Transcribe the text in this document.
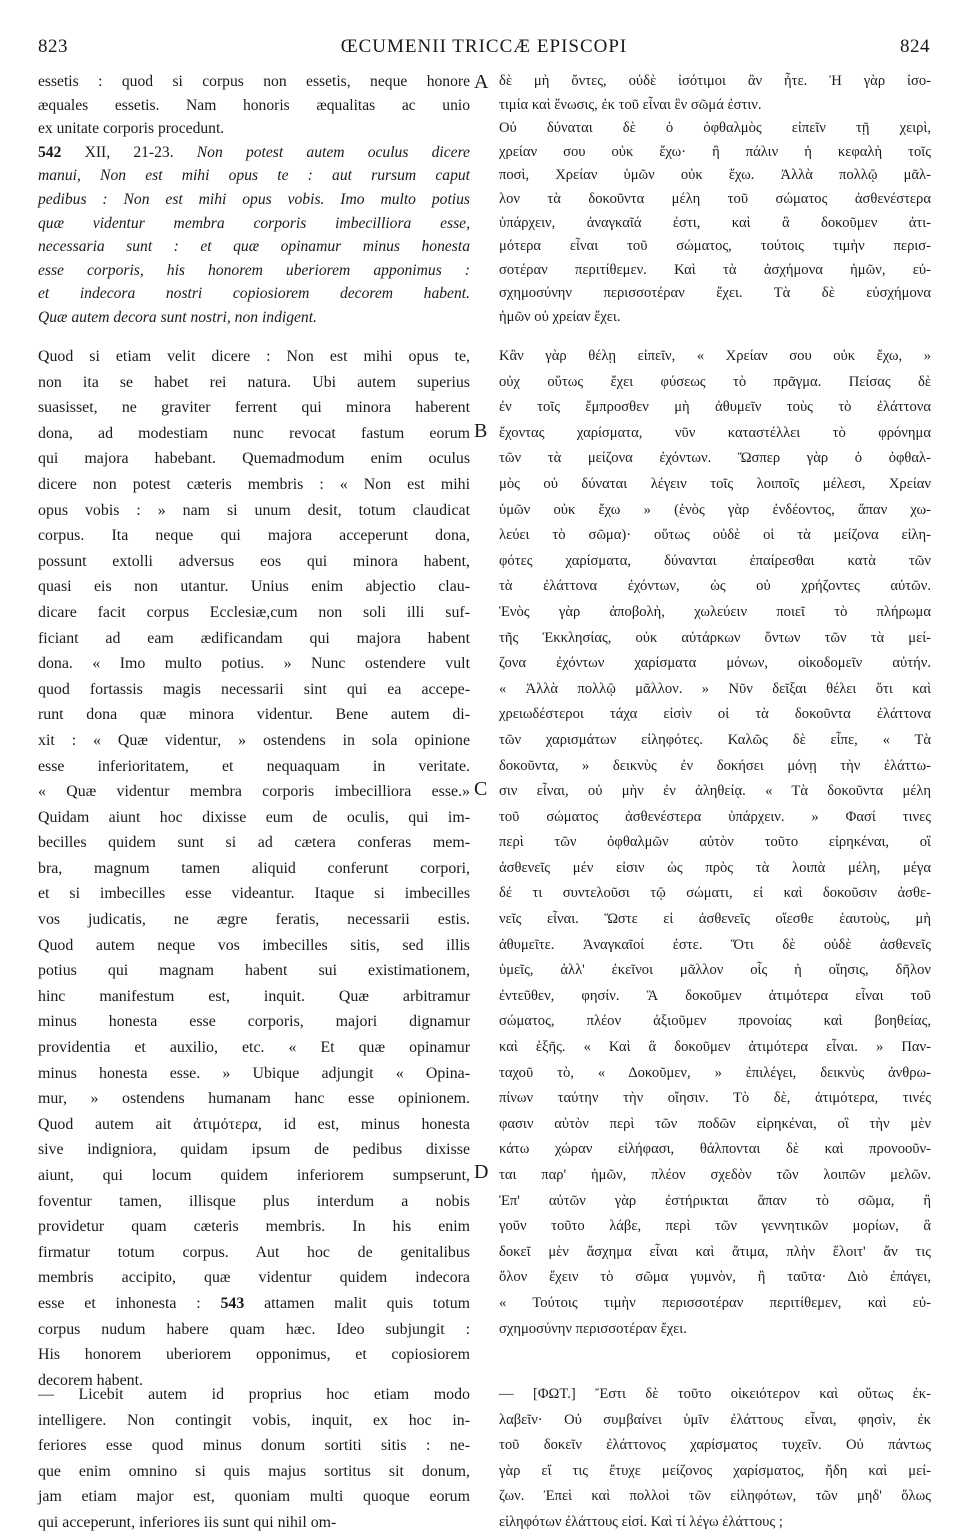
823	ŒCUMENII TRICCÆ EPISCOPI	824
A
B
C
D

essetis : quod si corpus non essetis, neque honore

æquales essetis. Nam honoris æqualitas ac unio

ex unitate corporis procedunt.

542 XII, 21-23. Non potest autem oculus dicere

manui, Non est mihi opus te : aut rursum caput

pedibus : Non est mihi opus vobis. Imo multo potius

quæ videntur membra corporis imbecilliora esse,

necessaria sunt : et quæ opinamur minus honesta

esse corporis, his honorem uberiorem apponimus :

et indecora nostri copiosiorem decorem habent.

Quæ autem decora sunt nostri, non indigent.

δὲ μὴ ὄντες, οὐδὲ ἰσότιμοι ἂν ἦτε. Ἡ γὰρ ἰσο-

τιμία καὶ ἕνωσις, ἐκ τοῦ εἶναι ἓν σῶμά ἐστιν.

Οὐ δύναται δὲ ὁ ὀφθαλμὸς εἰπεῖν τῇ χειρὶ,

χρείαν σου οὐκ ἔχω· ἢ πάλιν ἡ κεφαλὴ τοῖς

ποσὶ, Χρείαν ὑμῶν οὐκ ἔχω. Ἀλλὰ πολλῷ μᾶλ-

λον τὰ δοκοῦντα μέλη τοῦ σώματος ἀσθενέστερα

ὑπάρχειν, ἀναγκαῖά ἐστι, καὶ ἃ δοκοῦμεν ἀτι-

μότερα εἶναι τοῦ σώματος, τούτοις τιμὴν περισ-

σοτέραν περιτίθεμεν. Καὶ τὰ ἀσχήμονα ἡμῶν, εὐ-

σχημοσύνην περισσοτέραν ἔχει. Τὰ δὲ εὐσχήμονα

ἡμῶν οὐ χρείαν ἔχει.

Quod si etiam velit dicere : Non est mihi opus te,

non ita se habet rei natura. Ubi autem superius

suasisset, ne graviter ferrent qui minora haberent

dona, ad modestiam nunc revocat fastum eorum

qui majora habebant. Quemadmodum enim oculus

dicere non potest cæteris membris : « Non est mihi

opus vobis : » nam si unum desit, totum claudicat

corpus. Ita neque qui majora acceperunt dona,

possunt extolli adversus eos qui minora habent,

quasi eis non utantur. Unius enim abjectio clau-

dicare facit corpus Ecclesiæ,cum non soli illi suf-

ficiant ad eam ædificandam qui majora habent

dona. « Imo multo potius. » Nunc ostendere vult

quod fortassis magis necessarii sint qui ea accepe-

runt dona quæ minora videntur. Bene autem di-

xit : « Quæ videntur, » ostendens in sola opinione

esse inferioritatem, et nequaquam in veritate.

« Quæ videntur membra corporis imbecilliora esse.»

Quidam aiunt hoc dixisse eum de oculis, qui im-

becilles quidem sunt si ad cætera conferas mem-

bra, magnum tamen aliquid conferunt corpori,

et si imbecilles esse videantur. Itaque si imbecilles

vos judicatis, ne ægre feratis, necessarii estis.

Quod autem neque vos imbecilles sitis, sed illis

potius qui magnam habent sui existimationem,

hinc manifestum est, inquit. Quæ arbitramur

minus honesta esse corporis, majori dignamur

providentia et auxilio, etc. « Et quæ opinamur

minus honesta esse. » Ubique adjungit « Opina-

mur, » ostendens humanam hanc esse opinionem.

Quod autem ait ἀτιμότερα, id est, minus honesta

sive indigniora, quidam ipsum de pedibus dixisse

aiunt, qui locum quidem inferiorem sumpserunt,

foventur tamen, illisque plus interdum a nobis

providetur quam cæteris membris. In his enim

firmatur totum corpus. Aut hoc de genitalibus

membris accipito, quæ videntur quidem indecora

esse et inhonesta : 543 attamen malit quis totum

corpus nudum habere quam hæc. Ideo subjungit :

His honorem uberiorem opponimus, et copiosiorem

decorem habent.

Κἂν γὰρ θέλῃ εἰπεῖν, « Χρείαν σου οὐκ ἔχω, »

οὐχ οὕτως ἔχει φύσεως τὸ πρᾶγμα. Πείσας δὲ

ἐν τοῖς ἔμπροσθεν μὴ ἀθυμεῖν τοὺς τὸ ἐλάττονα

ἔχοντας χαρίσματα, νῦν καταστέλλει τὸ φρόνημα

τῶν τὰ μείζονα ἐχόντων. Ὥσπερ γὰρ ὁ ὀφθαλ-

μὸς οὐ δύναται λέγειν τοῖς λοιποῖς μέλεσι, Χρείαν

ὑμῶν οὐκ ἔχω » (ἑνὸς γὰρ ἐνδέοντος, ἅπαν χω-

λεύει τὸ σῶμα)· οὕτως οὐδὲ οἱ τὰ μείζονα εἰλη-

φότες χαρίσματα, δύνανται ἐπαίρεσθαι κατὰ τῶν

τὰ ἐλάττονα ἐχόντων, ὡς οὐ χρήζοντες αὐτῶν.

Ἑνὸς γὰρ ἀποβολὴ, χωλεύειν ποιεῖ τὸ πλήρωμα

τῆς Ἐκκλησίας, οὐκ αὐτάρκων ὄντων τῶν τὰ μεί-

ζονα ἐχόντων χαρίσματα μόνων, οἰκοδομεῖν αὐτήν.

« Ἀλλὰ πολλῷ μᾶλλον. » Νῦν δεῖξαι θέλει ὅτι καὶ

χρειωδέστεροι τάχα εἰσὶν οἱ τὰ δοκοῦντα ἐλάττονα

τῶν χαρισμάτων εἰληφότες. Καλῶς δὲ εἶπε, « Τὰ

δοκοῦντα, » δεικνὺς ἐν δοκήσει μόνῃ τὴν ἐλάττω-

σιν εἶναι, οὐ μὴν ἐν ἀληθείᾳ. « Τὰ δοκοῦντα μέλη

τοῦ σώματος ἀσθενέστερα ὑπάρχειν. » Φασί τινες

περὶ τῶν ὀφθαλμῶν αὐτὸν τοῦτο εἰρηκέναι, οἳ

ἀσθενεῖς μέν εἰσιν ὡς πρὸς τὰ λοιπὰ μέλη, μέγα

δέ τι συντελοῦσι τῷ σώματι, εἰ καὶ δοκοῦσιν ἀσθε-

νεῖς εἶναι. Ὥστε εἰ ἀσθενεῖς οἴεσθε ἑαυτοὺς, μὴ

ἀθυμεῖτε. Ἀναγκαῖοί ἐστε. Ὅτι δὲ οὐδὲ ἀσθενεῖς

ὑμεῖς, ἀλλ' ἐκεῖνοι μᾶλλον οἷς ἡ οἴησις, δῆλον

ἐντεῦθεν, φησίν. Ἃ δοκοῦμεν ἀτιμότερα εἶναι τοῦ

σώματος, πλέον ἀξιοῦμεν προνοίας καὶ βοηθείας,

καὶ ἑξῆς. « Καὶ ἃ δοκοῦμεν ἀτιμότερα εἶναι. » Παν-

ταχοῦ τὸ, « Δοκοῦμεν, » ἐπιλέγει, δεικνὺς ἀνθρω-

πίνων ταύτην τὴν οἴησιν. Τὸ δὲ, ἀτιμότερα, τινές

φασιν αὐτὸν περὶ τῶν ποδῶν εἰρηκέναι, οἳ τὴν μὲν

κάτω χώραν εἰλήφασι, θάλπονται δὲ καὶ προνοοῦν-

ται παρ' ἡμῶν, πλέον σχεδὸν τῶν λοιπῶν μελῶν.

Ἐπ' αὐτῶν γὰρ ἐστήρικται ἅπαν τὸ σῶμα, ἢ

γοῦν τοῦτο λάβε, περὶ τῶν γεννητικῶν μορίων, ἃ

δοκεῖ μὲν ἄσχημα εἶναι καὶ ἄτιμα, πλὴν ἕλοιτ' ἄν τις

ὅλον ἔχειν τὸ σῶμα γυμνὸν, ἢ ταῦτα· Διὸ ἐπάγει,

« Τούτοις τιμὴν περισσοτέραν περιτίθεμεν, καὶ εὐ-

σχημοσύνην περισσοτέραν ἔχει.

— Licebit autem id proprius hoc etiam modo

intelligere. Non contingit vobis, inquit, ex hoc in-

feriores esse quod minus donum sortiti sitis : ne-

que enim omnino si quis majus sortitus sit donum,

jam etiam major est, quoniam multi quoque eorum

qui acceperunt, inferiores iis sunt qui nihil om-

— [ΦΩΤ.] Ἔστι δὲ τοῦτο οἰκειότερον καὶ οὕτως ἐκ-

λαβεῖν· Οὐ συμβαίνει ὑμῖν ἐλάττους εἶναι, φησὶν, ἐκ

τοῦ δοκεῖν ἐλάττονος χαρίσματος τυχεῖν. Οὐ πάντως

γὰρ εἴ τις ἔτυχε μείζονος χαρίσματος, ἤδη καὶ μεί-

ζων. Ἐπεὶ καὶ πολλοὶ τῶν εἰληφότων, τῶν μηδ' ὅλως

εἰληφότων ἐλάττους εἰσί. Καὶ τί λέγω ἐλάττους ;
